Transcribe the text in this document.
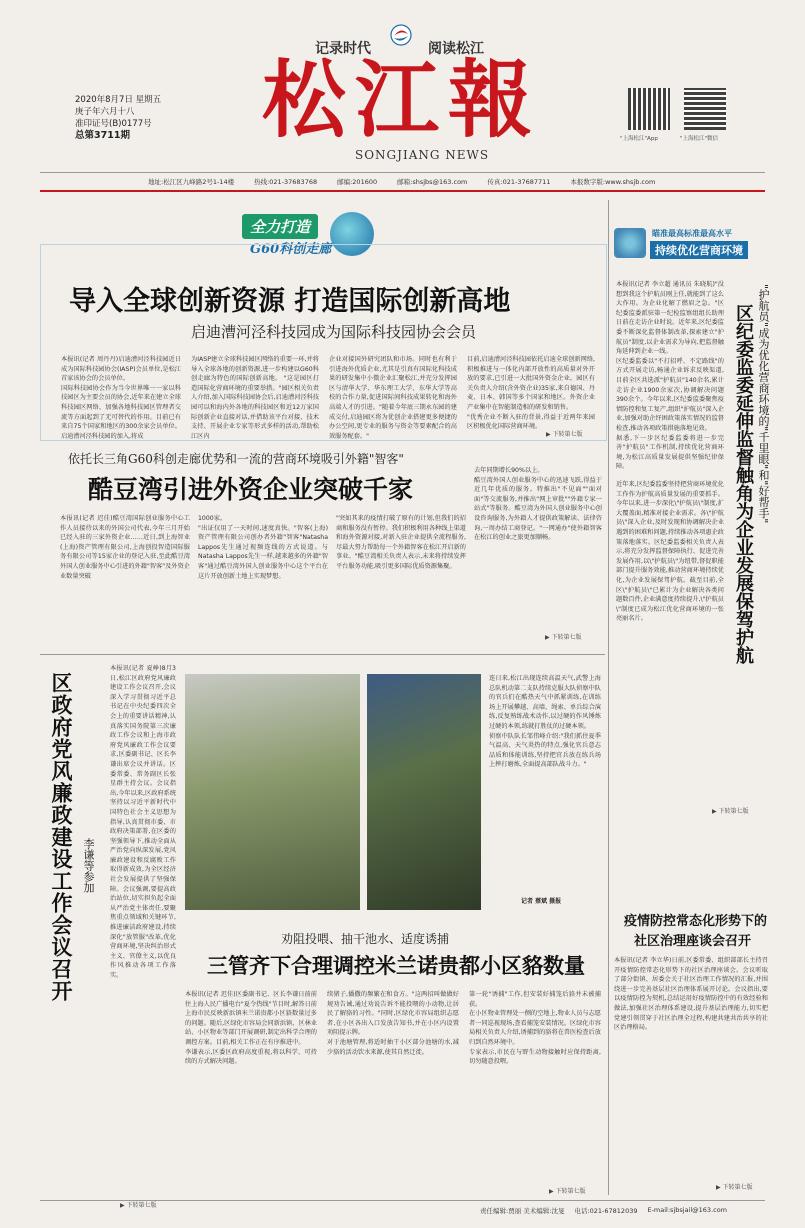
记录时代	阅读松江
松 江 報
SONGJIANG NEWS
2020年8月7日 星期五
庚子年六月十八
准印证号(B)0177号
总第3711期	"上海松江"App	"上海松江"微信
地址:松江区九峰路2号1-14楼	热线:021-37683768	邮编:201600	邮箱:shsjbs@163.com	传真:021-37687711	本报数字版:www.shsjb.com
全力打造
G60科创走廊
导入全球创新资源 打造国际创新高地
启迪漕河泾科技园成为国际科技园协会会员
本报讯(记者 周丹丹)启迪漕河泾科技园近日成为国际科技园协会(IASP)会员单位,是松江首家该协会的会员单位。
国际科技园协会作为当今世界唯一一家以科技园区为主要会员的协会,近年来在建立全球科技园区网络、加强各地科技园区管理者交流等方面起到了无可替代的作用。目前已有来自75个国家和地区的300余家会员单位。启迪漕河泾科技园的加入,将成
为IASP建立全球科技园区网络的重要一环,并将导入全球各地的创新资源,进一步构建以G60科创走廊为特色的国际创新高地。 "这是园区打造国际化营商环境的重要举措。"园区相关负责人介绍,加入国际科技园协会后,启迪漕河泾科技园可以和海内外各地的科技园区和近12万家国际创新企业直接对话,并借助该平台对接、技术支持、开展企业专家等形式多样的活动,帮助松江区内
企业对接国外研究团队和市场。同时也有利于引进海外优质企业,尤其是引真有国际化科技成果的研发集中小微企业汇聚松江,并充分发挥园区与清华大学、华东理工大学、东华大学等高校的合作力量,促进国际间科技成果转化和海外高端人才的引进。"随着今年底三期永东园的建成交付,启迪园区将为优创企业搭建更多便捷的办公空间,更专业的服务与资金等要素配合的高效服务配套。"
目前,启迪漕河泾科技园依托启迪全球创新网络,积极推进与一体化内部开放性的高质量对外开放的要求,已引进一大批国外资金企业。园区有关负责人介绍(含外资企业)35家,来自德国、丹麦、日本、韩国等多个国家和地区。外资企业产业集中在智能制造相的研发和销售。
"优秀企业不断入驻的背景,得益于近两年来园区积极优化国际营商环境。
▶ 下转第七版
依托长三角G60科创走廊优势和一流的营商环境吸引外籍"智客"
酷豆湾引进外资企业突破千家
本报讯(记者 迟佳)酷豆湾国际创业服务中心工作人员接待以来的外国公司代表,今年三月开始已经入驻的三家外资企业……近日,到上海智业(上海)资产管理有限公司,上海创投智造国际服务有限公司等15家企业的登记入驻,至此酷豆湾外国人创业服务中心引进的外籍"智客"及外资企业数量突破
1000家。
"出证仅用了一天时间,速度真快。"智客(上海)资产管理有限公司创办者外籍"智客"Natasha Lappos先生通过视频连线的方式说道。与Natasha Lappos先生一样,越来越多的外籍"智客"通过酷豆湾外国人创业服务中心这个平台在这片开放创新土地上实现梦想。
"突如其来的疫情打破了原有的计划,但我们的招商和服务没有暂停。我们积极利用各种线上渠道和海外资源对接,对新入驻企业提供全流程服务,尽最大努力帮助每一个外籍智客在松江开启新的事业。"酷豆湾相关负责人表示,未来将持续发挥平台服务功能,吸引更多国际优质资源集聚。
去年同期增长90%以上。
酷豆湾外国人创业服务中心的迅速飞跃,得益于近几年优质的服务。特推出"不见面""面对面"等交流服务,并推出"网上审批""外籍专家一站式"等服务。酷豆湾为外国人创业服务中心创设咨询服务,为外籍人才提供政策解读、法律咨询,一周办结工商登记。"一网通办"使外籍智客在松江的创业之旅更加顺畅。
▶ 下转第七版
区政府党风廉政建设工作会议召开 李谦等参加
本报讯(记者 夏峥)8月3日,松江区政府党风廉政建设工作会议召开,会议深入学习贯彻习近平总书记在中央纪委四次全会上的重要讲话精神,认真落实国务院第三次廉政工作会议和上海市政府党风廉政工作会议要求,区委副书记、区长李谦出席会议并讲话。区委常委、常务副区长张星群主持会议。会议指出,今年以来,区政府系统坚持以习近平新时代中国特色社会主义思想为指导,认真贯彻市委、市政府决策部署,在区委的坚强领导下,推动全面从严治党向纵深发展,党风廉政建设和反腐败工作取得新成效,为全区经济社会发展提供了坚强保障。会议强调,要提高政治站位,切实担负起全面从严治党主体责任,要聚焦重点领域和关键环节,推进廉洁政府建设,持续深化"放管服"改革,优化营商环境,坚决纠治形式主义、官僚主义,以优良作风推动各项工作落实。
▶ 下转第七版
连日来,松江出现连续高温天气,武警上海总队机动第二支队持续克服大队侦察中队的官兵们在酷热天气中抓紧训练,在训练场上开展攀越、高墙、绳索、单兵综合演练,反复熟练战术动作,以过硬的作风锤炼过硬的本领,练就打胜仗的过硬本领。
侦察中队队长邹伟峰介绍:"我们抓住夏季气温高、天气炎热的特点,强化官兵意志品质和体能训练,坚持把官兵放在练兵场上摔打磨炼,全面提高部队战斗力。"
记者 蔡斌 摄报
劝阻投喂、抽干池水、适度诱捕
三管齐下合理调控米兰诺贵都小区貉数量
本报讯(记者 迟佳)区委副书记、区长李谦日前前往上海人民广播电台"夏令热线"节目时,解答日前上海市民反映新浜镇米兰诺贵都小区貉数量过多的问题。随后,区绿化市容局会同新浜镇、区林业站、小区物业等部门开展调研,制定出科学合理的调控方案。目前,相关工作正在有序推进中。
李谦表示,区委区政府高度重视,将以科学、可持续的方式解决问题。
续猪子,播撒的频繁在和食方。"这两招叫做做好规劝告诫,通过劝说告诉不能投喂的小动物,让居民了解貉的习性。"同时,区绿化市容局组织志愿者,在小区各出入口发放告知书,并在小区内设置劝阻提示牌。
对于池塘管理,将适时抽干小区部分池塘的水,减少貉的活动饮水来源,使其自然迁徙。
第一轮"诱捕"工作,但安装好捕笼后貉并未被捕获。
在小区物业管理处一侧的空地上,物业人员与志愿者一同巡视现场,查看捕笼安装情况。区绿化市容局相关负责人介绍,诱捕到的貉将在兽医检查后放归到自然环境中。
专家表示,市民在与野生动物接触时应保持距离,切勿随意投喂。
▶ 下转第七版
瞄准最高标准最高水平
持续优化营商环境
区纪委监委延伸监督触角为企业发展保驾护航 "护航员"成为优化营商环境的"千里眼"和"好帮手"
本报讯(记者 李立超 通讯员 朱晓航)"没想到我这个护航员刚上任,就能到了这么大作用。为企业化解了燃眉之急。"区纪委监委派驻第一纪检监察组组长助理日前在走访企业时说。近年来,区纪委监委不断深化监督体制改革,探索建立"护航员"制度,以企业需求为导向,把监督触角延伸到企业一线。
区纪委监委以"不打招呼、不定路线"的方式开展走访,畅通企业诉求反映渠道,目前全区共选派"护航员"140余名,累计走访企业1900余家次,协调解决问题390余个。今年以来,区纪委监委聚焦疫情防控和复工复产,组织"护航员"深入企业,加强对助企纾困政策落实情况的监督检查,推动各项政策措施落地见效。
据悉,下一步区纪委监委将进一步完善"护航员"工作机制,持续优化营商环境,为松江高质量发展提供坚强纪律保障。
近年来,区纪委监委坚持把营商环境优化工作作为护航高质量发展的重要抓手。今年以来,进一步深化\"护航员\"制度,扩大覆盖面,精准对接企业需求。各\"护航员\"深入企业,及时发现和协调解决企业遇到的困难和问题,持续推动各项惠企政策落地落实。区纪委监委相关负责人表示,将充分发挥监督保障执行、促进完善发展作用,以\"护航员\"为纽带,督促职能部门提升服务效能,推动营商环境持续优化,为企业发展保驾护航。截至目前,全区\"护航员\"已累计为企业解决各类问题数百件,企业满意度持续提升,\"护航员\"制度已成为松江优化营商环境的一张亮丽名片。
▶ 下转第七版
疫情防控常态化形势下的
社区治理座谈会召开
本报讯(记者 李立华)日前,区委常委、组织部部长主持召开疫情防控常态化形势下的社区治理座谈会。会议听取了部分街镇、居委会关于社区治理工作情况的汇报,并围绕进一步完善基层社区治理体系展开讨论。会议指出,要以疫情防控为契机,总结运用好疫情防控中的有效经验和做法,加强社区治理体系建设,提升基层治理能力,切实把党建引领贯穿于社区治理全过程,构建共建共治共享的社区治理格局。
▶ 下转第七版
责任编辑:贾丽 美术编辑:沈旻 电话:021-67812039 E-mail:sjbsjail@163.com
